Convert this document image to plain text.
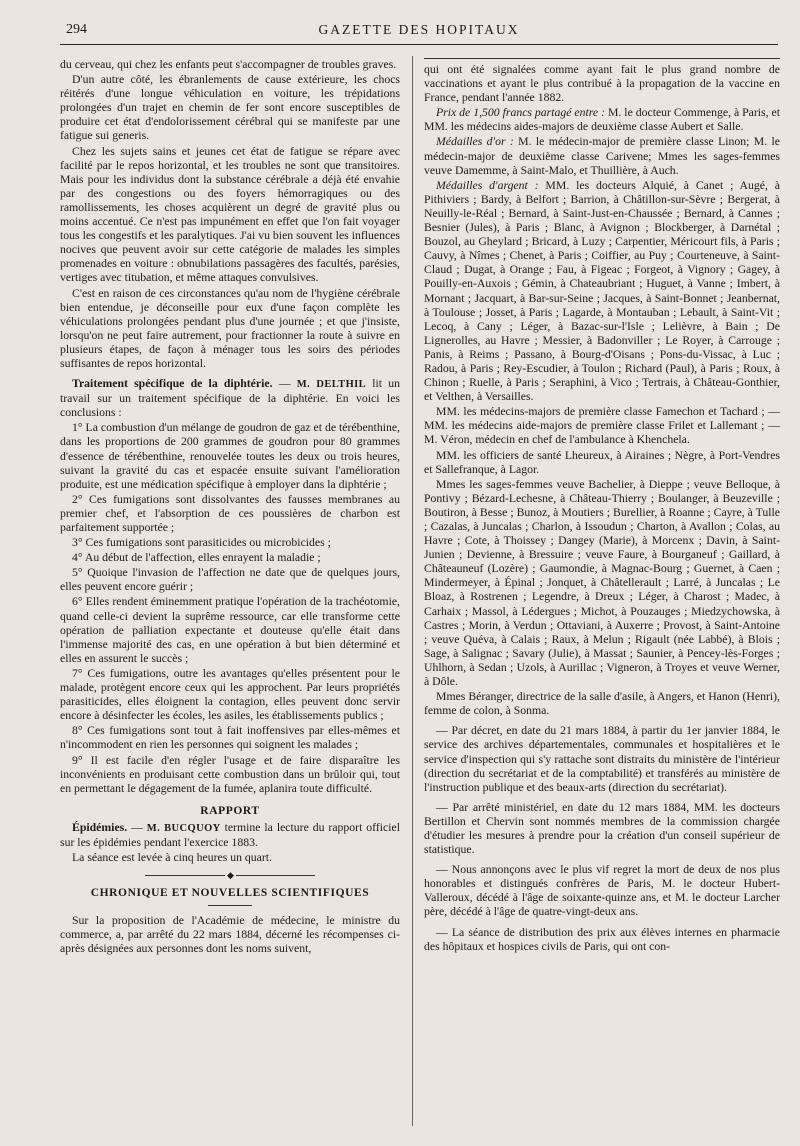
294	GAZETTE DES HOPITAUX

du cerveau, qui chez les enfants peut s'accompagner de troubles graves.

D'un autre côté, les ébranlements de cause extérieure, les chocs réitérés d'une longue véhiculation en voiture, les trépidations prolongées d'un trajet en chemin de fer sont encore susceptibles de produire cet état d'endolorissement cérébral qui se manifeste par une fatigue sui generis.

Chez les sujets sains et jeunes cet état de fatigue se répare avec facilité par le repos horizontal, et les troubles ne sont que transitoires. Mais pour les individus dont la substance cérébrale a déjà été envahie par des congestions ou des foyers hémorragiques ou des ramollissements, les choses acquièrent un degré de gravité plus ou moins accentué. Ce n'est pas impunément en effet que l'on fait voyager tous les congestifs et les paralytiques. J'ai vu bien souvent les influences nocives que peuvent avoir sur cette catégorie de malades les simples promenades en voiture : obnubilations passagères des facultés, parésies, vertiges avec titubation, et même attaques convulsives.

C'est en raison de ces circonstances qu'au nom de l'hygiène cérébrale bien entendue, je déconseille pour eux d'une façon complète les véhiculations prolongées pendant plus d'une journée ; et que j'insiste, lorsqu'on ne peut faire autrement, pour fractionner la route à suivre en plusieurs étapes, de façon à ménager tous les soirs des périodes suffisantes de repos horizontal.

Traitement spécifique de la diphtérie. — M. DELTHIL lit un travail sur un traitement spécifique de la diphtérie. En voici les conclusions :

1° La combustion d'un mélange de goudron de gaz et de térébenthine, dans les proportions de 200 grammes de goudron pour 80 grammes d'essence de térébenthine, renouvelée toutes les deux ou trois heures, suivant la gravité du cas et espacée ensuite suivant l'amélioration produite, est une médication spécifique à employer dans la diphtérie ;

2° Ces fumigations sont dissolvantes des fausses membranes au premier chef, et l'absorption de ces poussières de charbon est parfaitement supportée ;

3° Ces fumigations sont parasiticides ou microbicides ;

4° Au début de l'affection, elles enrayent la maladie ;

5° Quoique l'invasion de l'affection ne date que de quelques jours, elles peuvent encore guérir ;

6° Elles rendent éminemment pratique l'opération de la trachéotomie, quand celle-ci devient la suprême ressource, car elle transforme cette opération de palliation expectante et douteuse qu'elle était dans l'immense majorité des cas, en une opération à but bien déterminé et elles en assurent le succès ;

7° Ces fumigations, outre les avantages qu'elles présentent pour le malade, protègent encore ceux qui les approchent. Par leurs propriétés parasiticides, elles éloignent la contagion, elles peuvent donc servir encore à désinfecter les écoles, les asiles, les établissements publics ;

8° Ces fumigations sont tout à fait inoffensives par elles-mêmes et n'incommodent en rien les personnes qui soignent les malades ;

9° Il est facile d'en régler l'usage et de faire disparaître les inconvénients en produisant cette combustion dans un brûloir qui, tout en permettant le dégagement de la fumée, aplanira toute difficulté.

RAPPORT

Épidémies. — M. BUCQUOY termine la lecture du rapport officiel sur les épidémies pendant l'exercice 1883.

La séance est levée à cinq heures un quart.

◆
CHRONIQUE ET NOUVELLES SCIENTIFIQUES

Sur la proposition de l'Académie de médecine, le ministre du commerce, a, par arrêté du 22 mars 1884, décerné les récompenses ci-après désignées aux personnes dont les noms suivent,

qui ont été signalées comme ayant fait le plus grand nombre de vaccinations et ayant le plus contribué à la propagation de la vaccine en France, pendant l'année 1882.

Prix de 1,500 francs partagé entre : M. le docteur Commenge, à Paris, et MM. les médecins aides-majors de deuxième classe Aubert et Salle.

Médailles d'or : M. le médecin-major de première classe Linon; M. le médecin-major de deuxième classe Carivene; Mmes les sages-femmes veuve Damemme, à Saint-Malo, et Thuillière, à Auch.

Médailles d'argent : MM. les docteurs Alquié, à Canet ; Augé, à Pithiviers ; Bardy, à Belfort ; Barrion, à Châtillon-sur-Sèvre ; Bergerat, à Neuilly-le-Réal ; Bernard, à Saint-Just-en-Chaussée ; Bernard, à Cannes ; Besnier (Jules), à Paris ; Blanc, à Avignon ; Blockberger, à Darnétal ; Bouzol, au Gheylard ; Bricard, à Luzy ; Carpentier, Méricourt fils, à Paris ; Cauvy, à Nîmes ; Chenet, à Paris ; Coiffier, au Puy ; Courteneuve, à Saint-Claud ; Dugat, à Orange ; Fau, à Figeac ; Forgeot, à Vignory ; Gagey, à Pouilly-en-Auxois ; Gémin, à Chateaubriant ; Huguet, à Vanne ; Imbert, à Mornant ; Jacquart, à Bar-sur-Seine ; Jacques, à Saint-Bonnet ; Jeanbernat, à Toulouse ; Josset, à Paris ; Lagarde, à Montauban ; Lebault, à Saint-Vit ; Lecoq, à Cany ; Léger, à Bazac-sur-l'Isle ; Lelièvre, à Bain ; De Lignerolles, au Havre ; Messier, à Badonviller ; Le Royer, à Carrouge ; Panis, à Reims ; Passano, à Bourg-d'Oisans ; Pons-du-Vissac, à Luc ; Radou, à Paris ; Rey-Escudier, à Toulon ; Richard (Paul), à Paris ; Roux, à Chinon ; Ruelle, à Paris ; Seraphini, à Vico ; Tertrais, à Château-Gonthier, et Velthen, à Versailles.

MM. les médecins-majors de première classe Famechon et Tachard ; — MM. les médecins aide-majors de première classe Frilet et Lallemant ; — M. Véron, médecin en chef de l'ambulance à Khenchela.

MM. les officiers de santé Lheureux, à Airaines ; Nègre, à Port-Vendres et Sallefranque, à Lagor.

Mmes les sages-femmes veuve Bachelier, à Dieppe ; veuve Belloque, à Pontivy ; Bézard-Lechesne, à Château-Thierry ; Boulanger, à Beuzeville ; Boutiron, à Besse ; Bunoz, à Moutiers ; Burellier, à Roanne ; Cayre, à Tulle ; Cazalas, à Juncalas ; Charlon, à Issoudun ; Charton, à Avallon ; Colas, au Havre ; Cote, à Thoissey ; Dangey (Marie), à Morcenx ; Davin, à Saint-Junien ; Devienne, à Bressuire ; veuve Faure, à Bourganeuf ; Gaillard, à Châteauneuf (Lozère) ; Gaumondie, à Magnac-Bourg ; Guernet, à Caen ; Mindermeyer, à Épinal ; Jonquet, à Châtellerault ; Larré, à Juncalas ; Le Bloaz, à Rostrenen ; Legendre, à Dreux ; Léger, à Charost ; Madec, à Carhaix ; Massol, à Lédergues ; Michot, à Pouzauges ; Miedzychowska, à Castres ; Morin, à Verdun ; Ottaviani, à Auxerre ; Provost, à Saint-Antoine ; veuve Quéva, à Calais ; Raux, à Melun ; Rigault (née Labbé), à Blois ; Sage, à Salignac ; Savary (Julie), à Massat ; Saunier, à Pencey-lès-Forges ; Uhlhorn, à Sedan ; Uzols, à Aurillac ; Vigneron, à Troyes et veuve Werner, à Dôle.

Mmes Béranger, directrice de la salle d'asile, à Angers, et Hanon (Henri), femme de colon, à Sonma.

— Par décret, en date du 21 mars 1884, à partir du 1er janvier 1884, le service des archives départementales, communales et hospitalières et le service d'inspection qui s'y rattache sont distraits du ministère de l'intérieur (direction du secrétariat et de la comptabilité) et transférés au ministère de l'instruction publique et des beaux-arts (direction du secrétariat).

— Par arrêté ministériel, en date du 12 mars 1884, MM. les docteurs Bertillon et Chervin sont nommés membres de la commission chargée d'étudier les mesures à prendre pour la création d'un conseil supérieur de statistique.

— Nous annonçons avec le plus vif regret la mort de deux de nos plus honorables et distingués confrères de Paris, M. le docteur Hubert-Valleroux, décédé à l'âge de soixante-quinze ans, et M. le docteur Larcher père, décédé à l'âge de quatre-vingt-deux ans.

— La séance de distribution des prix aux élèves internes en pharmacie des hôpitaux et hospices civils de Paris, qui ont con-
